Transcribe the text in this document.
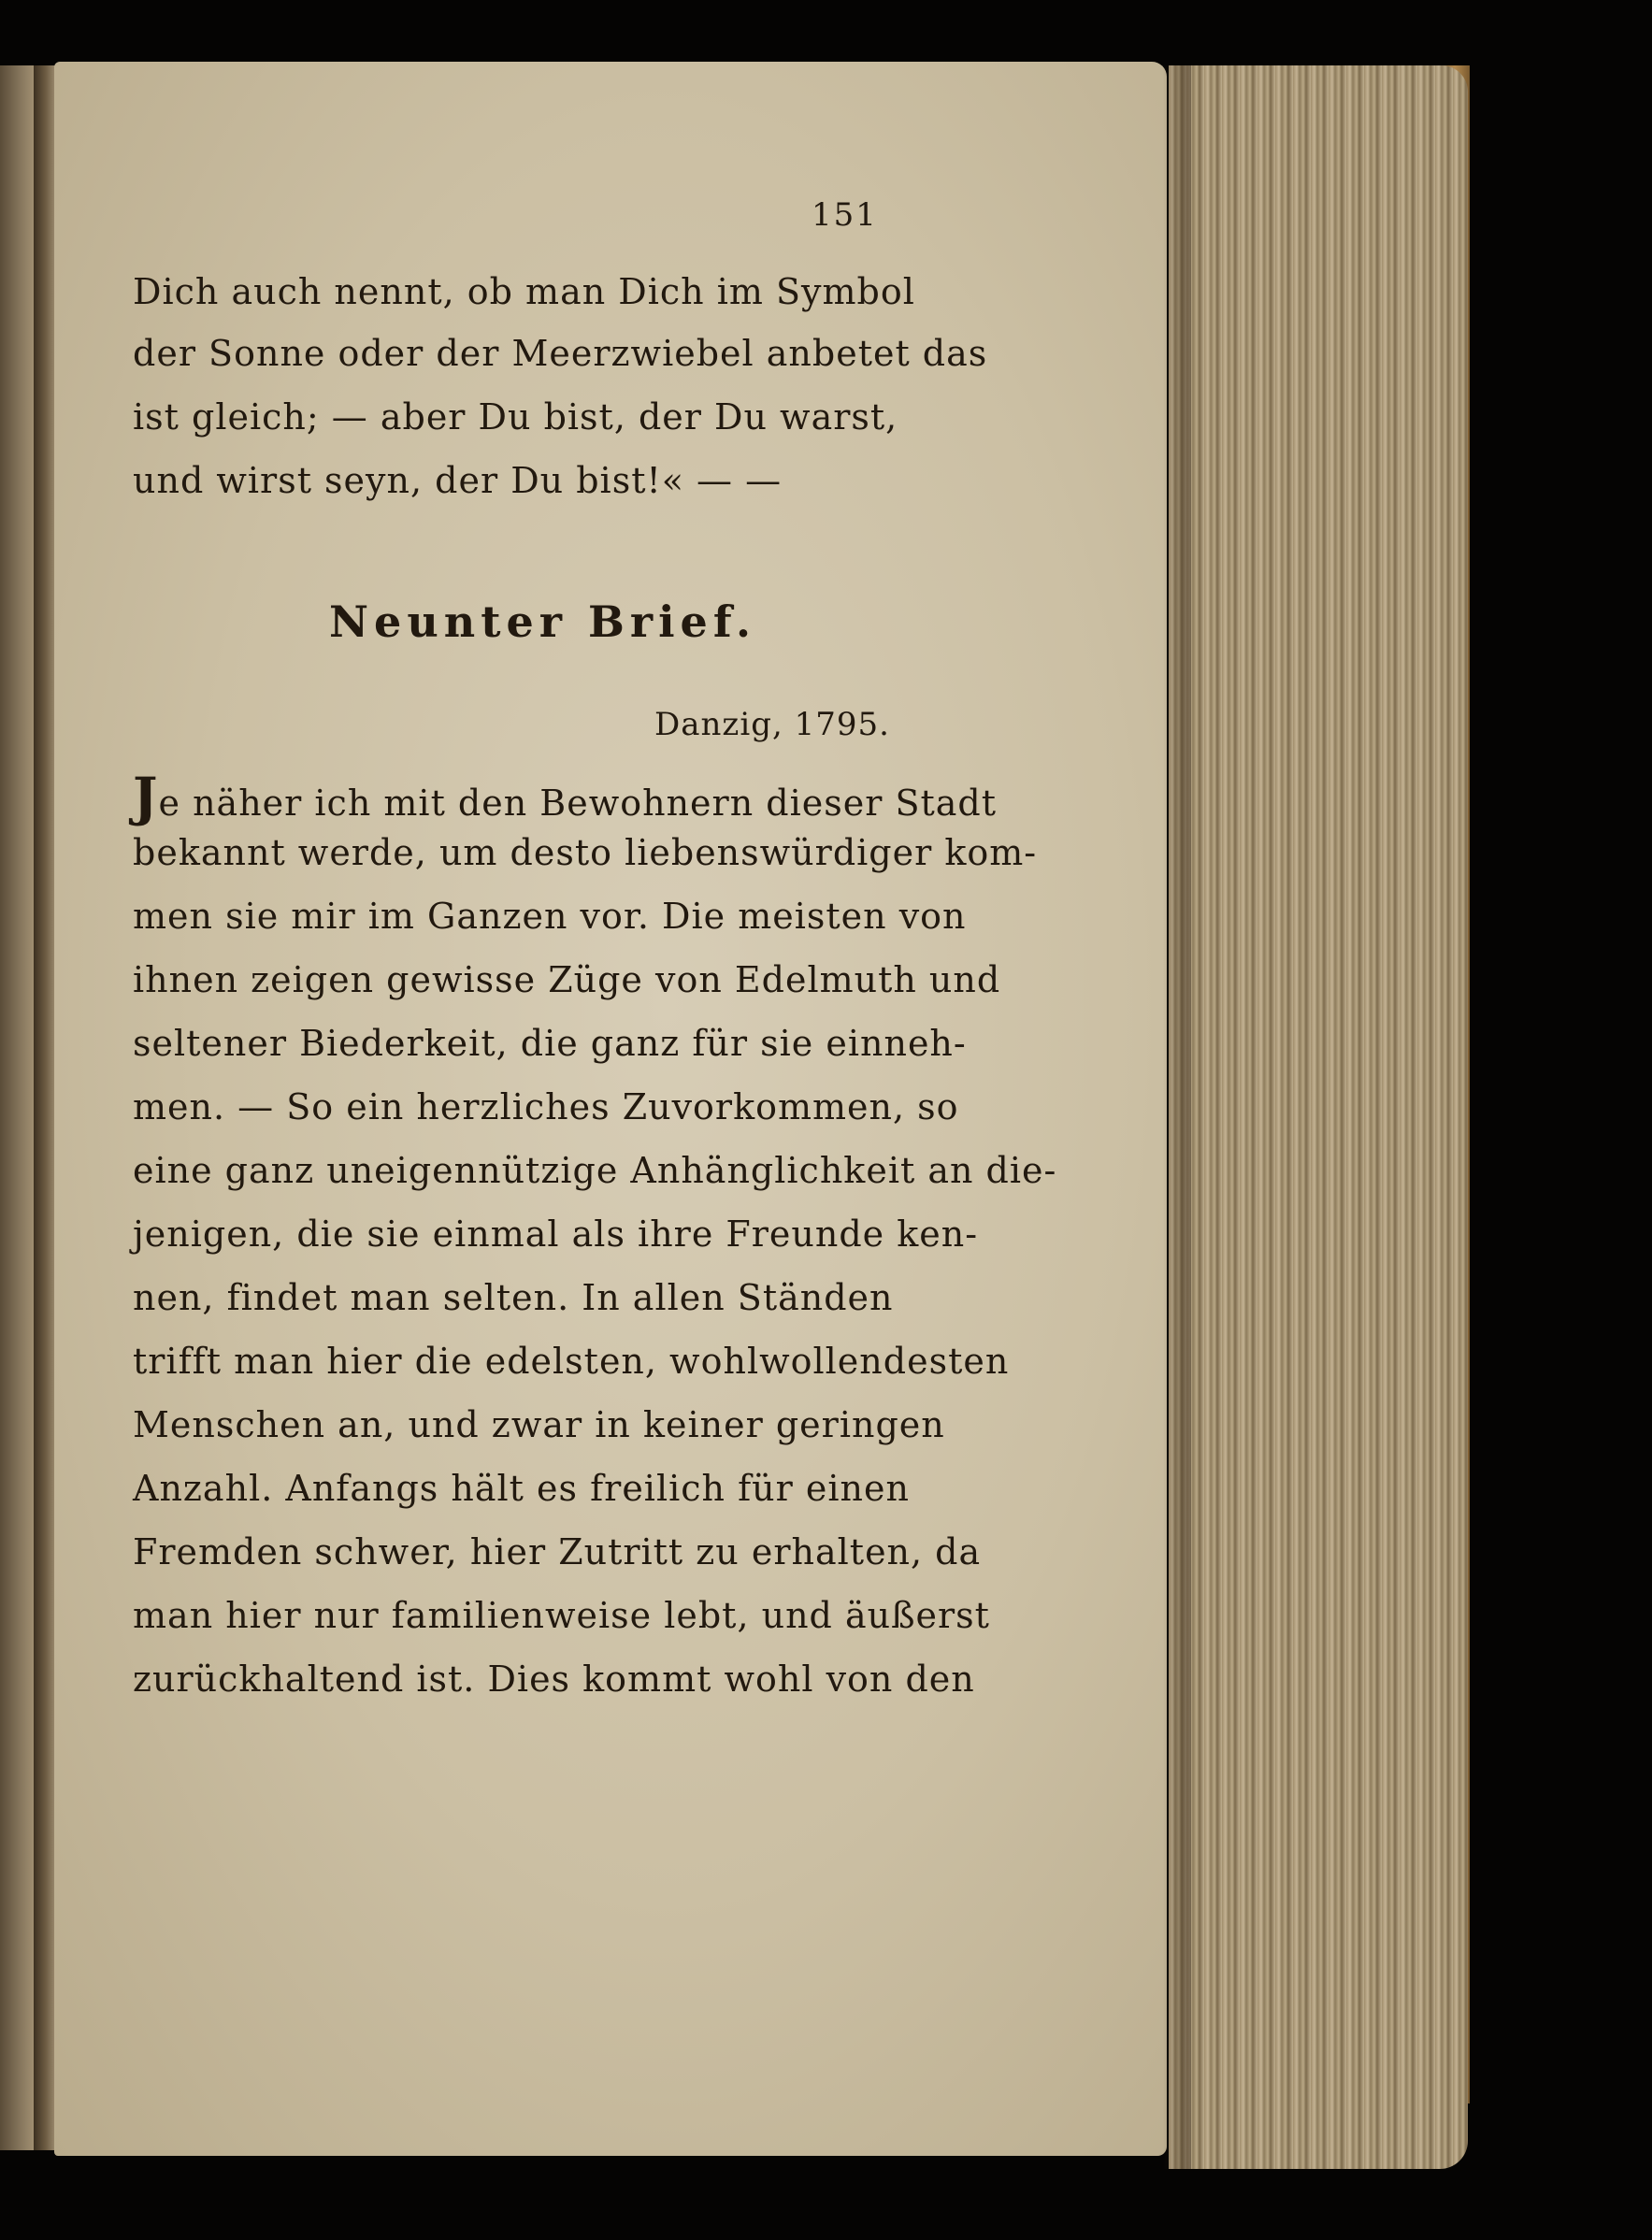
151
Dich auch nennt, ob man Dich im Symbol
der Sonne oder der Meerzwiebel anbetet das
ist gleich; — aber Du bist, der Du warst,
und wirst seyn, der Du bist!« — —
Neunter Brief.
Danzig, 1795.
Je näher ich mit den Bewohnern dieser Stadt
bekannt werde, um desto liebenswürdiger kom-
men sie mir im Ganzen vor. Die meisten von
ihnen zeigen gewisse Züge von Edelmuth und
seltener Biederkeit, die ganz für sie einneh-
men. — So ein herzliches Zuvorkommen, so
eine ganz uneigennützige Anhänglichkeit an die-
jenigen, die sie einmal als ihre Freunde ken-
nen, findet man selten. In allen Ständen
trifft man hier die edelsten, wohlwollendesten
Menschen an, und zwar in keiner geringen
Anzahl. Anfangs hält es freilich für einen
Fremden schwer, hier Zutritt zu erhalten, da
man hier nur familienweise lebt, und äußerst
zurückhaltend ist. Dies kommt wohl von den
